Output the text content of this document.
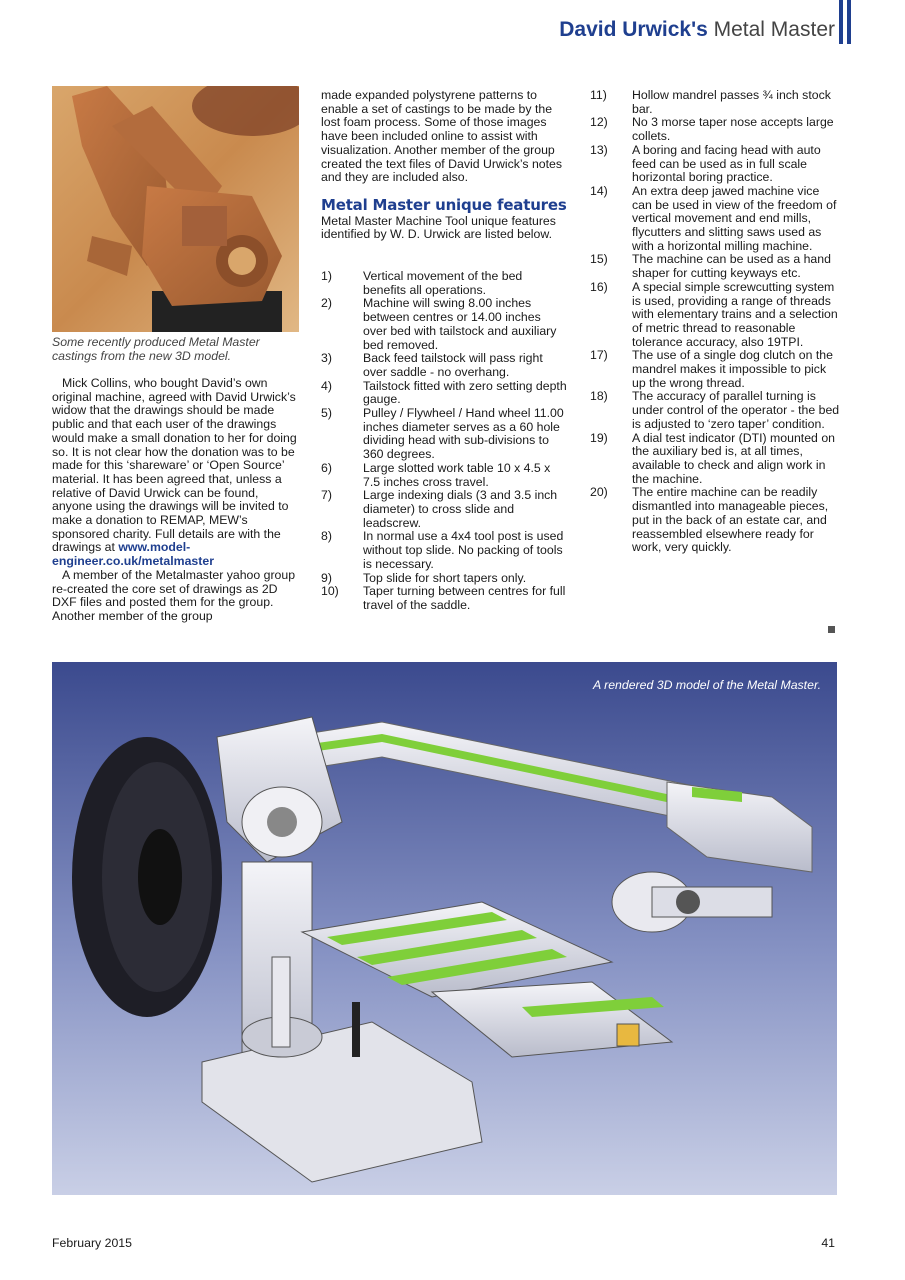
David Urwick's Metal Master
Some recently produced Metal Master castings from the new 3D model.

Mick Collins, who bought David’s own original machine, agreed with David Urwick’s widow that the drawings should be made public and that each user of the drawings would make a small donation to her for doing so. It is not clear how the donation was to be made for this ‘shareware’ or ‘Open Source’ material. It has been agreed that, unless a relative of David Urwick can be found, anyone using the drawings will be invited to make a donation to REMAP, MEW’s sponsored charity. Full details are with the drawings at www.model-engineer.co.uk/metalmaster

A member of the Metalmaster yahoo group re-created the core set of drawings as 2D DXF files and posted them for the group. Another member of the group

made expanded polystyrene patterns to enable a set of castings to be made by the lost foam process. Some of those images have been included online to assist with visualization. Another member of the group created the text files of David Urwick’s notes and they are included also.

Metal Master unique features

Metal Master Machine Tool unique features identified by W. D. Urwick are listed below.

1)	Vertical movement of the bed benefits all operations.
2)	Machine will swing 8.00 inches between centres or 14.00 inches over bed with tailstock and auxiliary bed removed.
3)	Back feed tailstock will pass right over saddle - no overhang.
4)	Tailstock fitted with zero setting depth gauge.
5)	Pulley / Flywheel / Hand wheel 11.00 inches diameter serves as a 60 hole dividing head with sub-divisions to 360 degrees.
6)	Large slotted work table 10 x 4.5 x 7.5 inches cross travel.
7)	Large indexing dials (3 and 3.5 inch diameter) to cross slide and leadscrew.
8)	In normal use a 4x4 tool post is used without top slide. No packing of tools is necessary.
9)	Top slide for short tapers only.
10) Taper turning between centres for full travel of the saddle.
11) Hollow mandrel passes ¾ inch stock bar.
12) No 3 morse taper nose accepts large collets.
13) A boring and facing head with auto feed can be used as in full scale horizontal boring practice.
14) An extra deep jawed machine vice can be used in view of the freedom of vertical movement and end mills, flycutters and slitting saws used as with a horizontal milling machine.
15) The machine can be used as a hand shaper for cutting keyways etc.
16) A special simple screwcutting system is used, providing a range of threads with elementary trains and a selection of metric thread to reasonable tolerance accuracy, also 19TPI.
17) The use of a single dog clutch on the mandrel makes it impossible to pick up the wrong thread.
18) The accuracy of parallel turning is under control of the operator - the bed is adjusted to ‘zero taper’ condition.
19) A dial test indicator (DTI) mounted on the auxiliary bed is, at all times, available to check and align work in the machine.
20) The entire machine can be readily dismantled into manageable pieces, put in the back of an estate car, and reassembled elsewhere ready for work, very quickly.
A rendered 3D model of the Metal Master.
February 2015	41
